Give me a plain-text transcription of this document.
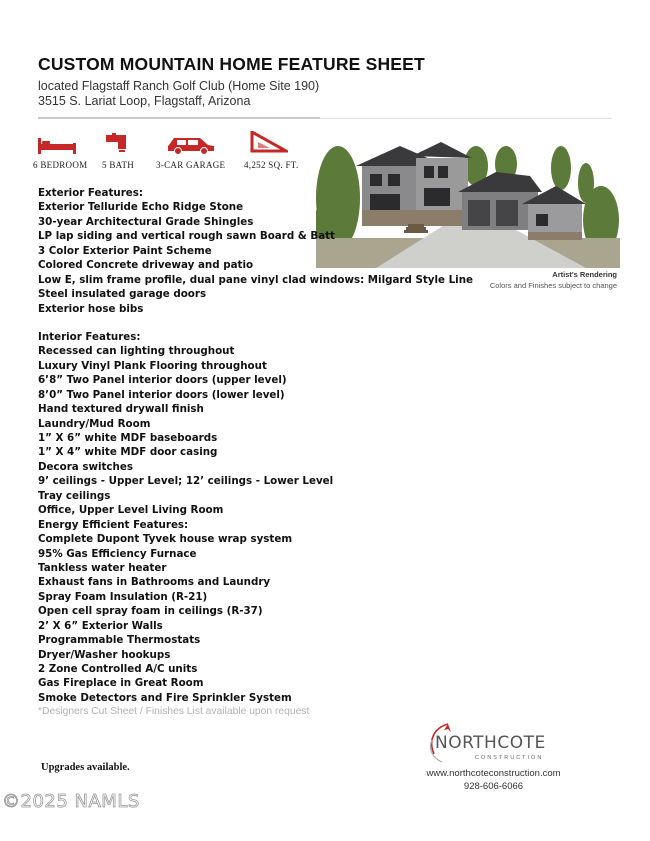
CUSTOM MOUNTAIN HOME FEATURE SHEET
located Flagstaff Ranch Golf Club (Home Site 190)
3515 S. Lariat Loop, Flagstaff, Arizona
6 BEDROOM 5 BATH 3-CAR GARAGE 4,252 SQ. FT.
Artist's Rendering
Colors and Finishes subject to change
Exterior Features:
Exterior Telluride Echo Ridge Stone
30-year Architectural Grade Shingles
LP lap siding and vertical rough sawn Board & Batt
3 Color Exterior Paint Scheme
Colored Concrete driveway and patio
Low E, slim frame profile, dual pane vinyl clad windows: Milgard Style Line
Steel insulated garage doors
Exterior hose bibs
Interior Features:
Recessed can lighting throughout
Luxury Vinyl Plank Flooring throughout
6’8” Two Panel interior doors (upper level)
8’0” Two Panel interior doors (lower level)
Hand textured drywall finish
Laundry/Mud Room
1” X 6” white MDF baseboards
1” X 4” white MDF door casing
Decora switches
9’ ceilings - Upper Level; 12’ ceilings - Lower Level
Tray ceilings
Office, Upper Level Living Room
Energy Efficient Features:
Complete Dupont Tyvek house wrap system
95% Gas Efficiency Furnace
Tankless water heater
Exhaust fans in Bathrooms and Laundry
Spray Foam Insulation (R-21)
Open cell spray foam in ceilings (R-37)
2’ X 6” Exterior Walls
Programmable Thermostats
Dryer/Washer hookups
2 Zone Controlled A/C units
Gas Fireplace in Great Room
Smoke Detectors and Fire Sprinkler System
*Designers Cut Sheet / Finishes List available upon request
Upgrades available.
NORTHCOTE
CONSTRUCTION
www.northcoteconstruction.com
928-606-6066
©2025 NAMLS
